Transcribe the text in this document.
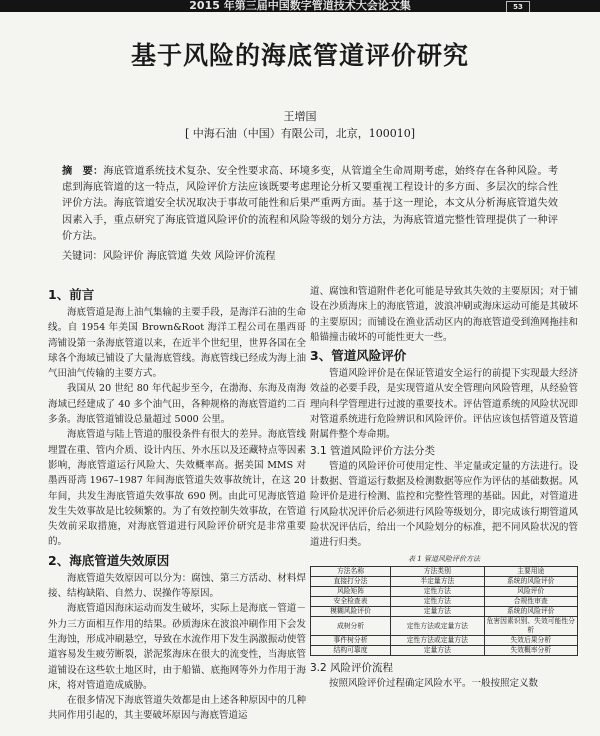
2015 年第三届中国数字管道技术大会论文集	53
基于风险的海底管道评价研究
王增国
[ 中海石油（中国）有限公司，北京，100010]
摘　要：海底管道系统技术复杂、安全性要求高、环境多变，从管道全生命周期考虑，始终存在各种风险。考虑到海底管道的这一特点，风险评价方法应该既要考虑理论分析又要重视工程设计的多方面、多层次的综合性评价方法。海底管道安全状况取决于事故可能性和后果严重两方面。基于这一理论，本文从分析海底管道失效因素入手，重点研究了海底管道风险评价的流程和风险等级的划分方法，为海底管道完整性管理提供了一种评价方法。
关键词：风险评价 海底管道 失效 风险评价流程
1、前言

海底管道是海上油气集输的主要手段，是海洋石油的生命线。自 1954 年美国 Brown&Root 海洋工程公司在墨西哥湾铺设第一条海底管道以来，在近半个世纪里，世界各国在全球各个海域已铺设了大量海底管线。海底管线已经成为海上油气田油气传输的主要方式。

我国从 20 世纪 80 年代起步至今，在渤海、东海及南海海域已经建成了 40 多个油气田，各种规格的海底管道约二百多条。海底管道铺设总量超过 5000 公里。

海底管道与陆上管道的服役条件有很大的差异。海底管线埋置在重、管内介质、设计内压、外水压以及还藏特点等因素影响，海底管道运行风险大、失效概率高。据美国 MMS 对墨西哥湾 1967–1987 年间海底管道失效事故统计，在这 20 年间，共发生海底管道失效事故 690 例。由此可见海底管道发生失效事故是比较频繁的。为了有效控制失效事故，在管道失效前采取措施，对海底管道进行风险评价研究是非常重要的。

2、海底管道失效原因

海底管道失效原因可以分为：腐蚀、第三方活动、材料焊接、结构缺陷、自然力、误操作等原因。

海底管道因海床运动而发生破坏，实际上是海底－管道－外力三方面相互作用的结果。砂质海床在波浪冲刷作用下会发生海蚀，形成冲刷悬空，导致在水流作用下发生涡激振动使管道容易发生疲劳断裂，淤泥浆海床在很大的流变性，当海底管道铺设在这些软土地区时，由于船锚、底拖网等外力作用于海床，将对管道造成威胁。

在很多情况下海底管道失效都是由上述各种原因中的几种共同作用引起的，其主要破坏原因与海底管道运

道、腐蚀和管道附件老化可能是导致其失效的主要原因；对于铺设在沙质海床上的海底管道，波浪冲刷或海床运动可能是其破坏的主要原因；而铺设在渔业活动区内的海底管道受到渔网拖挂和船锚撞击破坏的可能性更大一些。

3、管道风险评价

管道风险评价是在保证管道安全运行的前提下实现最大经济效益的必要手段，是实现管道从安全管理向风险管理，从经验管理向科学管理进行过渡的重要技术。评估管道系统的风险状况即对管道系统进行危险辨识和风险评价。评估应该包括管道及管道附属件整个寿命期。

3.1 管道风险评价方法分类

管道的风险评价可使用定性、半定量或定量的方法进行。设计数据、管道运行数据及检测数据等应作为评估的基础数据。风险评价是进行检测、监控和完整性管理的基础。因此，对管道进行风险状况评价后必须进行风险等级划分，即完成该行期管道风险状况评估后，给出一个风险划分的标准，把不同风险状况的管道进行归类。

表 1 管道风险评价方法
方法名称	方法类别	主要用途
直接打分法	半定量方法	系统的风险评价
风险矩阵	定性方法	风险评价
安全检查表	定性方法	合规性审查
模糊风险评价	定量方法	系统的风险评价
成树分析	定性方法或定量方法	危害因素识别、失效可能性分析
事件树分析	定性方法或定量方法	失效后果分析
结构可靠度	定量方法	失效概率分析
3.2 风险评价流程

按照风险评价过程确定风险水平。一般按照定义数
